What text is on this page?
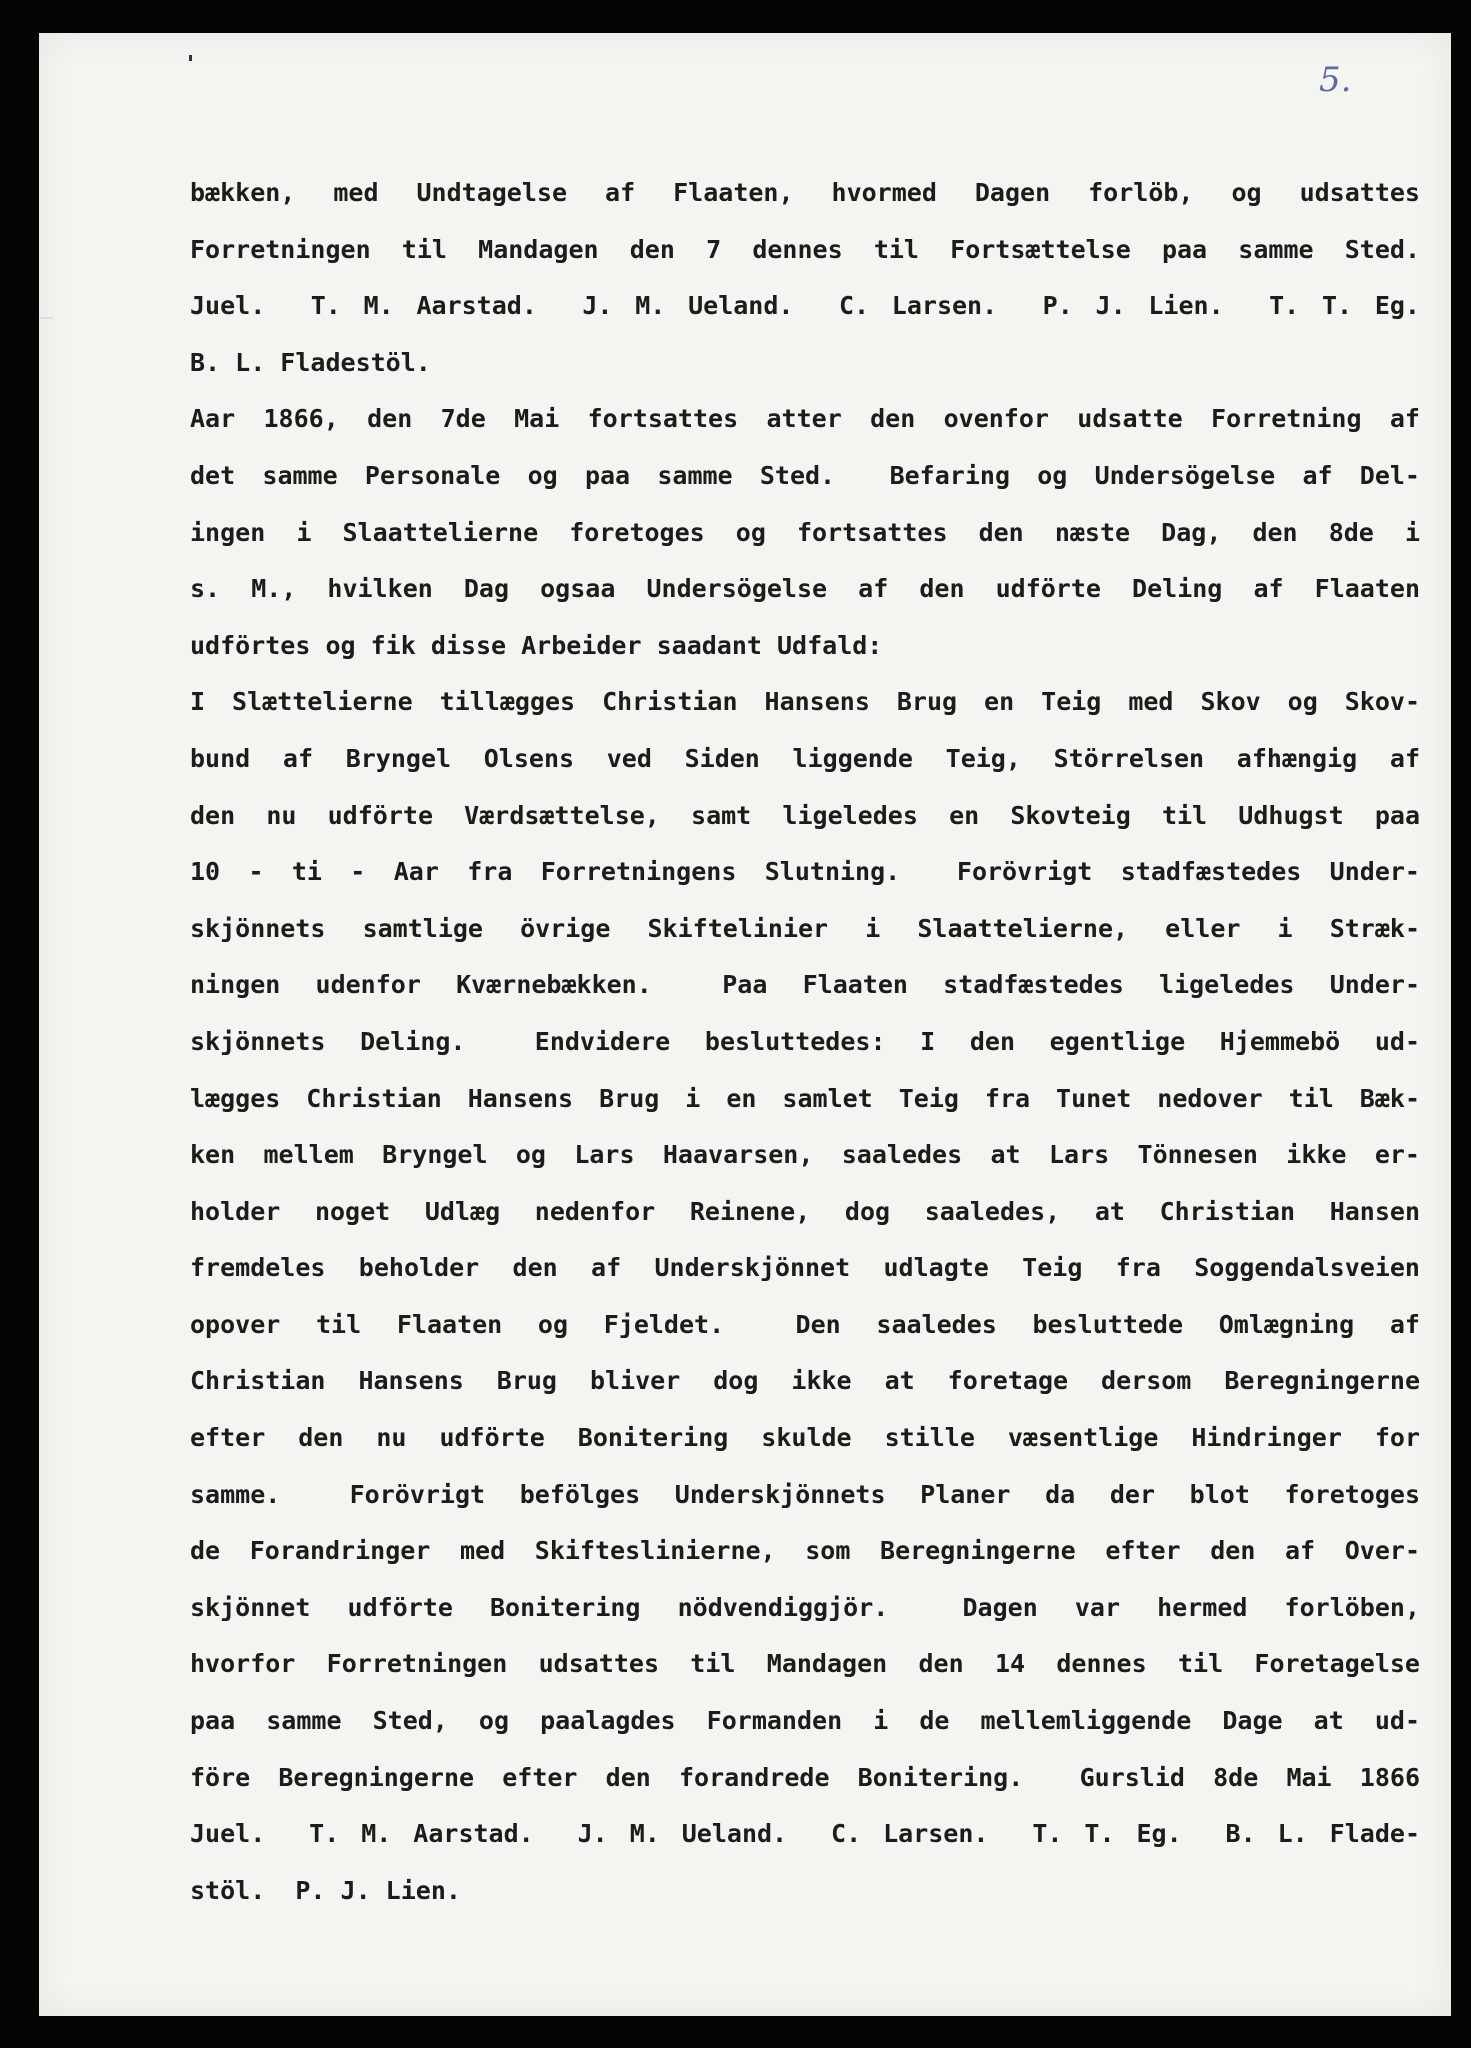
ـ
5.
bækken, med Undtagelse af Flaaten, hvormed Dagen forlöb, og udsattes
Forretningen til Mandagen den 7 dennes til Fortsættelse paa samme Sted.
Juel.  T. M. Aarstad.  J. M. Ueland.  C. Larsen.  P. J. Lien.  T. T. Eg.
B. L. Fladestöl.
Aar 1866, den 7de Mai fortsattes atter den ovenfor udsatte Forretning af
det samme Personale og paa samme Sted.  Befaring og Undersögelse af Del-
ingen i Slaattelierne foretoges og fortsattes den næste Dag, den 8de i
s. M., hvilken Dag ogsaa Undersögelse af den udförte Deling af Flaaten
udförtes og fik disse Arbeider saadant Udfald:
I Slættelierne tillægges Christian Hansens Brug en Teig med Skov og Skov-
bund af Bryngel Olsens ved Siden liggende Teig, Störrelsen afhængig af
den nu udförte Værdsættelse, samt ligeledes en Skovteig til Udhugst paa
10 - ti - Aar fra Forretningens Slutning.  Forövrigt stadfæstedes Under-
skjönnets samtlige övrige Skiftelinier i Slaattelierne, eller i Stræk-
ningen udenfor Kværnebækken.  Paa Flaaten stadfæstedes ligeledes Under-
skjönnets Deling.  Endvidere besluttedes: I den egentlige Hjemmebö ud-
lægges Christian Hansens Brug i en samlet Teig fra Tunet nedover til Bæk-
ken mellem Bryngel og Lars Haavarsen, saaledes at Lars Tönnesen ikke er-
holder noget Udlæg nedenfor Reinene, dog saaledes, at Christian Hansen
fremdeles beholder den af Underskjönnet udlagte Teig fra Soggendalsveien
opover til Flaaten og Fjeldet.  Den saaledes besluttede Omlægning af
Christian Hansens Brug bliver dog ikke at foretage dersom Beregningerne
efter den nu udförte Bonitering skulde stille væsentlige Hindringer for
samme.  Forövrigt befölges Underskjönnets Planer da der blot foretoges
de Forandringer med Skifteslinierne, som Beregningerne efter den af Over-
skjönnet udförte Bonitering nödvendiggjör.  Dagen var hermed forlöben,
hvorfor Forretningen udsattes til Mandagen den 14 dennes til Foretagelse
paa samme Sted, og paalagdes Formanden i de mellemliggende Dage at ud-
före Beregningerne efter den forandrede Bonitering.  Gurslid 8de Mai 1866
Juel.  T. M. Aarstad.  J. M. Ueland.  C. Larsen.  T. T. Eg.  B. L. Flade-
stöl.  P. J. Lien.
